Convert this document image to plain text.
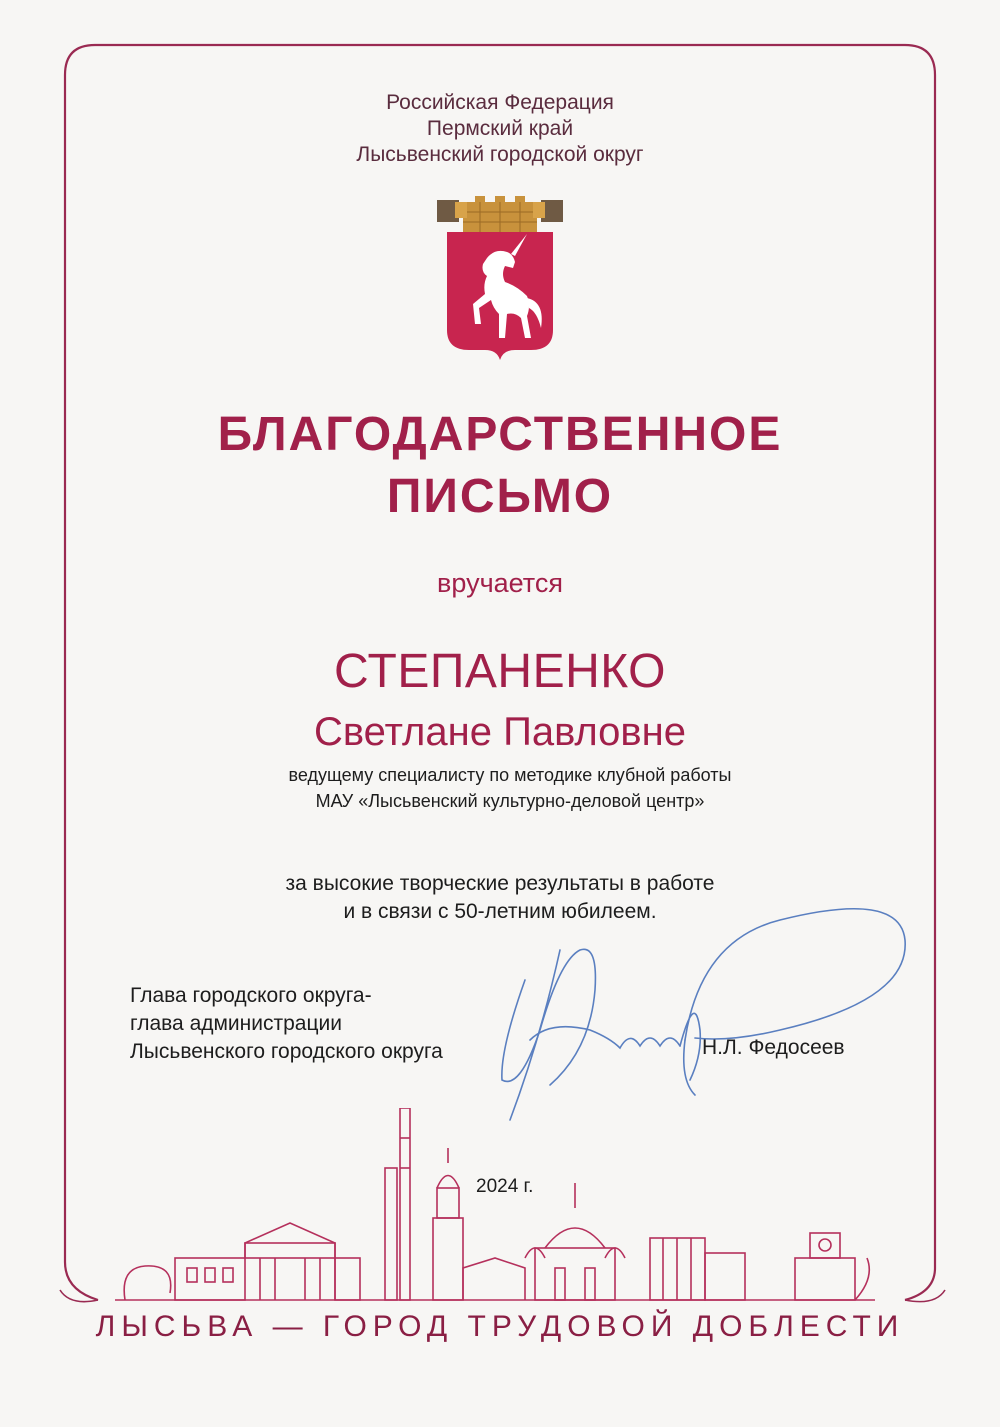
Российская Федерация
Пермский край
Лысьвенский городской округ
БЛАГОДАРСТВЕННОЕ
ПИСЬМО
вручается
СТЕПАНЕНКО
Светлане Павловне
ведущему специалисту по методике клубной работы
МАУ «Лысьвенский культурно-деловой центр»
за высокие творческие результаты в работе
и в связи с 50-летним юбилеем.
Глава городского округа-
глава администрации
Лысьвенского городского округа	Н.Л. Федосеев
2024 г.
ЛЫСЬВА — ГОРОД ТРУДОВОЙ ДОБЛЕСТИ
